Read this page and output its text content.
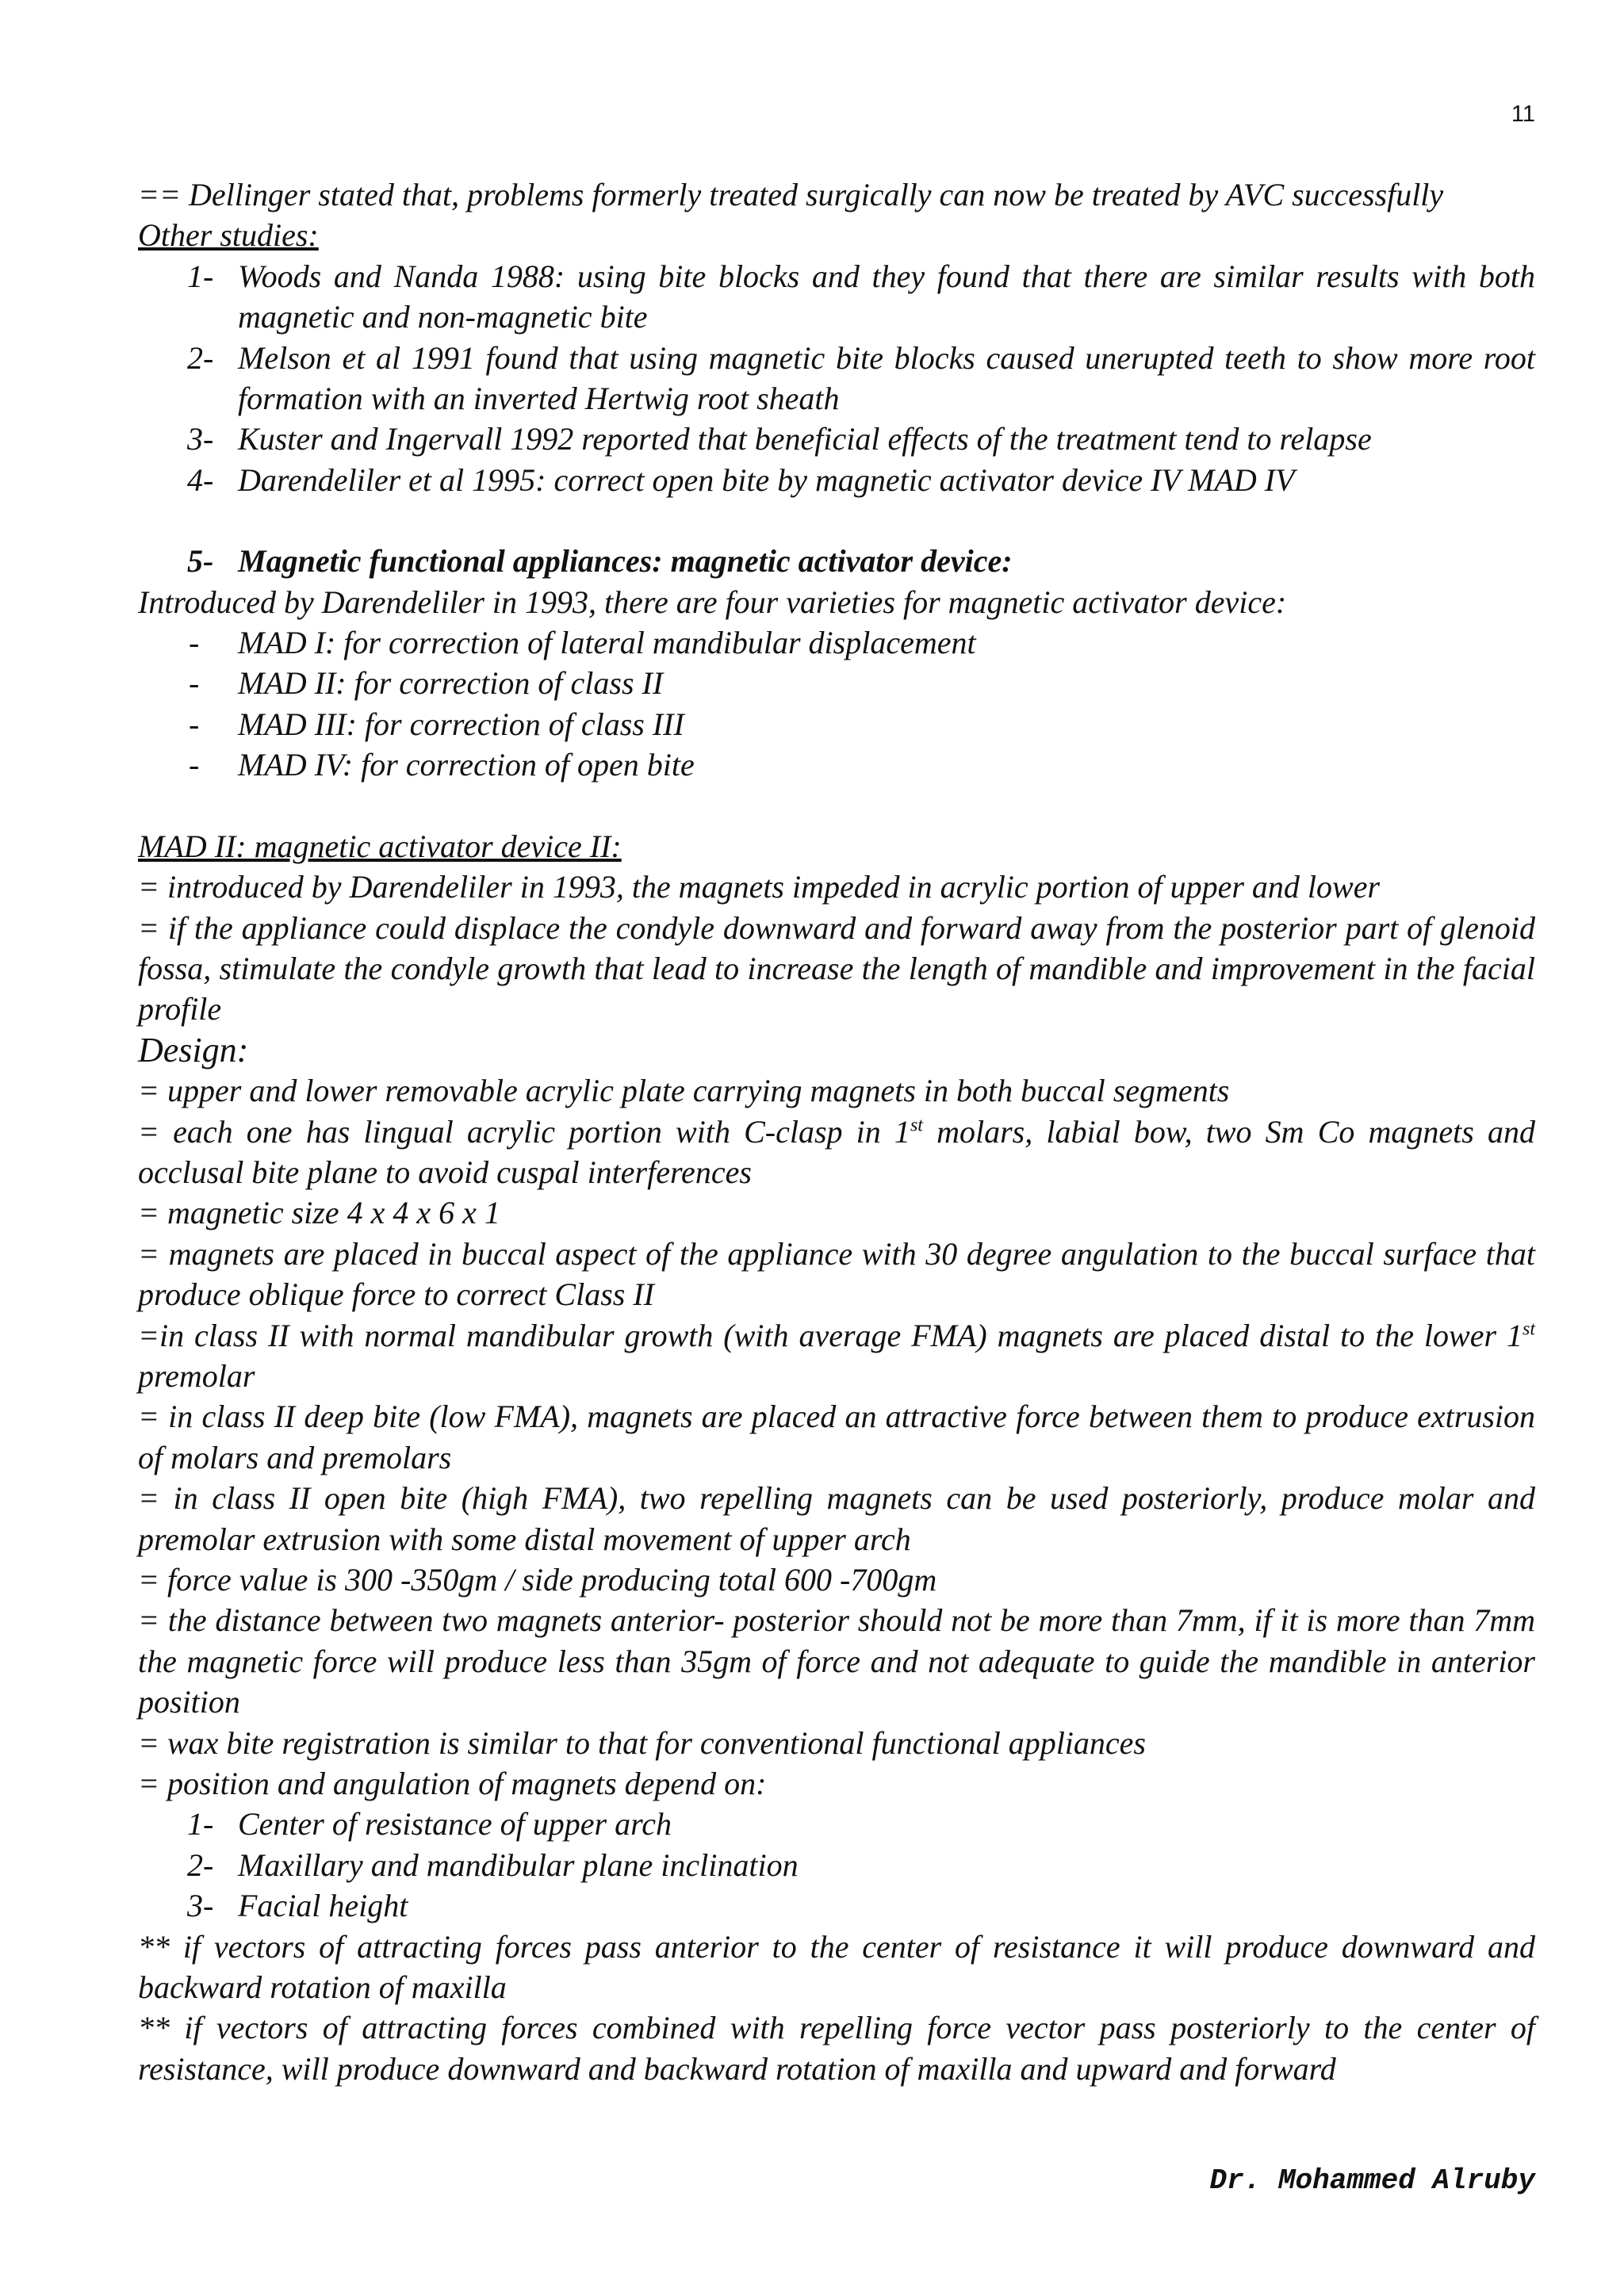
11

== Dellinger stated that, problems formerly treated surgically can now be treated by AVC successfully

Other studies:

1- Woods and Nanda 1988: using bite blocks and they found that there are similar results with both magnetic and non-magnetic bite
2- Melson et al 1991 found that using magnetic bite blocks caused unerupted teeth to show more root formation with an inverted Hertwig root sheath
3- Kuster and Ingervall 1992 reported that beneficial effects of the treatment tend to relapse
4- Darendeliler et al 1995: correct open bite by magnetic activator device IV MAD IV
5- Magnetic functional appliances: magnetic activator device:

Introduced by Darendeliler in 1993, there are four varieties for magnetic activator device:

- MAD I: for correction of lateral mandibular displacement
- MAD II: for correction of class II
- MAD III: for correction of class III
- MAD IV: for correction of open bite

MAD II: magnetic activator device II:

= introduced by Darendeliler in 1993, the magnets impeded in acrylic portion of upper and lower

= if the appliance could displace the condyle downward and forward away from the posterior part of glenoid fossa, stimulate the condyle growth that lead to increase the length of mandible and improvement in the facial profile

Design:

= upper and lower removable acrylic plate carrying magnets in both buccal segments

= each one has lingual acrylic portion with C-clasp in 1st molars, labial bow, two Sm Co magnets and occlusal bite plane to avoid cuspal interferences

= magnetic size 4 x 4 x 6 x 1

= magnets are placed in buccal aspect of the appliance with 30 degree angulation to the buccal surface that produce oblique force to correct Class II

=in class II with normal mandibular growth (with average FMA) magnets are placed distal to the lower 1st premolar

= in class II deep bite (low FMA), magnets are placed an attractive force between them to produce extrusion of molars and premolars

= in class II open bite (high FMA), two repelling magnets can be used posteriorly, produce molar and premolar extrusion with some distal movement of upper arch

= force value is 300 -350gm / side producing total 600 -700gm

= the distance between two magnets anterior- posterior should not be more than 7mm, if it is more than 7mm the magnetic force will produce less than 35gm of force and not adequate to guide the mandible in anterior position

= wax bite registration is similar to that for conventional functional appliances

= position and angulation of magnets depend on:

1- Center of resistance of upper arch
2- Maxillary and mandibular plane inclination
3- Facial height

** if vectors of attracting forces pass anterior to the center of resistance it will produce downward and backward rotation of maxilla

** if vectors of attracting forces combined with repelling force vector pass posteriorly to the center of resistance, will produce downward and backward rotation of maxilla and upward and forward

Dr. Mohammed Alruby
